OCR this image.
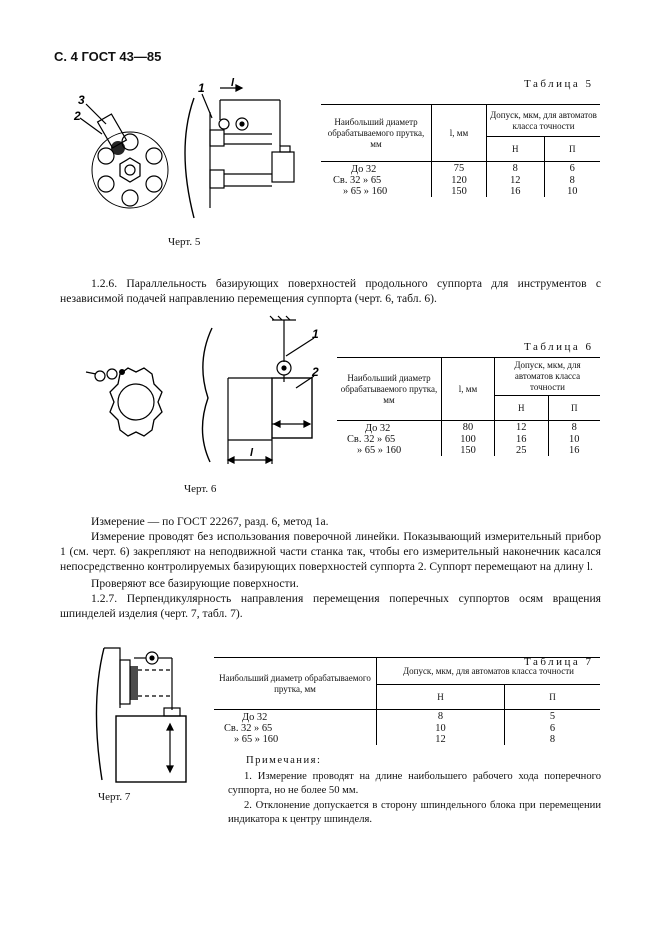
С. 4 ГОСТ 43—85
3
2
l
1	Таблица 5
Наибольший диаметр обрабатываемого прутка, мм	l, мм	Допуск, мкм, для автоматов класса точности	
		Н	П
До 32	75	8	6
Св. 32 » 65	120	12	8
» 65 » 160	150	16	10
Черт. 5
1.2.6. Параллельность базирующих поверхностей продольного суппорта для инструментов с независимой подачей направлению перемещения суппорта (черт. 6, табл. 6).
1
2
l
Таблица 6
Наибольший диаметр обрабатываемого прутка, мм	l, мм	Допуск, мкм, для автоматов класса точности	
		Н	П
До 32	80	12	8
Св. 32 » 65	100	16	10
» 65 » 160	150	25	16
Черт. 6
Измерение — по ГОСТ 22267, разд. 6, метод 1а.
Измерение проводят без использования поверочной линейки. Показывающий измерительный прибор 1 (см. черт. 6) закрепляют на неподвижной части станка так, чтобы его измерительный наконечник касался непосредственно контролируемых базирующих поверхностей суппорта 2. Суппорт перемещают на длину l.
Проверяют все базирующие поверхности.
1.2.7. Перпендикулярность направления перемещения поперечных суппортов осям вращения шпинделей изделия (черт. 7, табл. 7).
Таблица 7
Наибольший диаметр обрабатываемого прутка, мм	Допуск, мкм, для автоматов класса точности	
	Н	П
До 32	8	5
Св. 32 » 65	10	6
» 65 » 160	12	8
Примечания:
1. Измерение проводят на длине наибольшего рабочего хода поперечного суппорта, но не более 50 мм.
2. Отклонение допускается в сторону шпиндельного блока при перемещении индикатора к центру шпинделя.
Черт. 7
